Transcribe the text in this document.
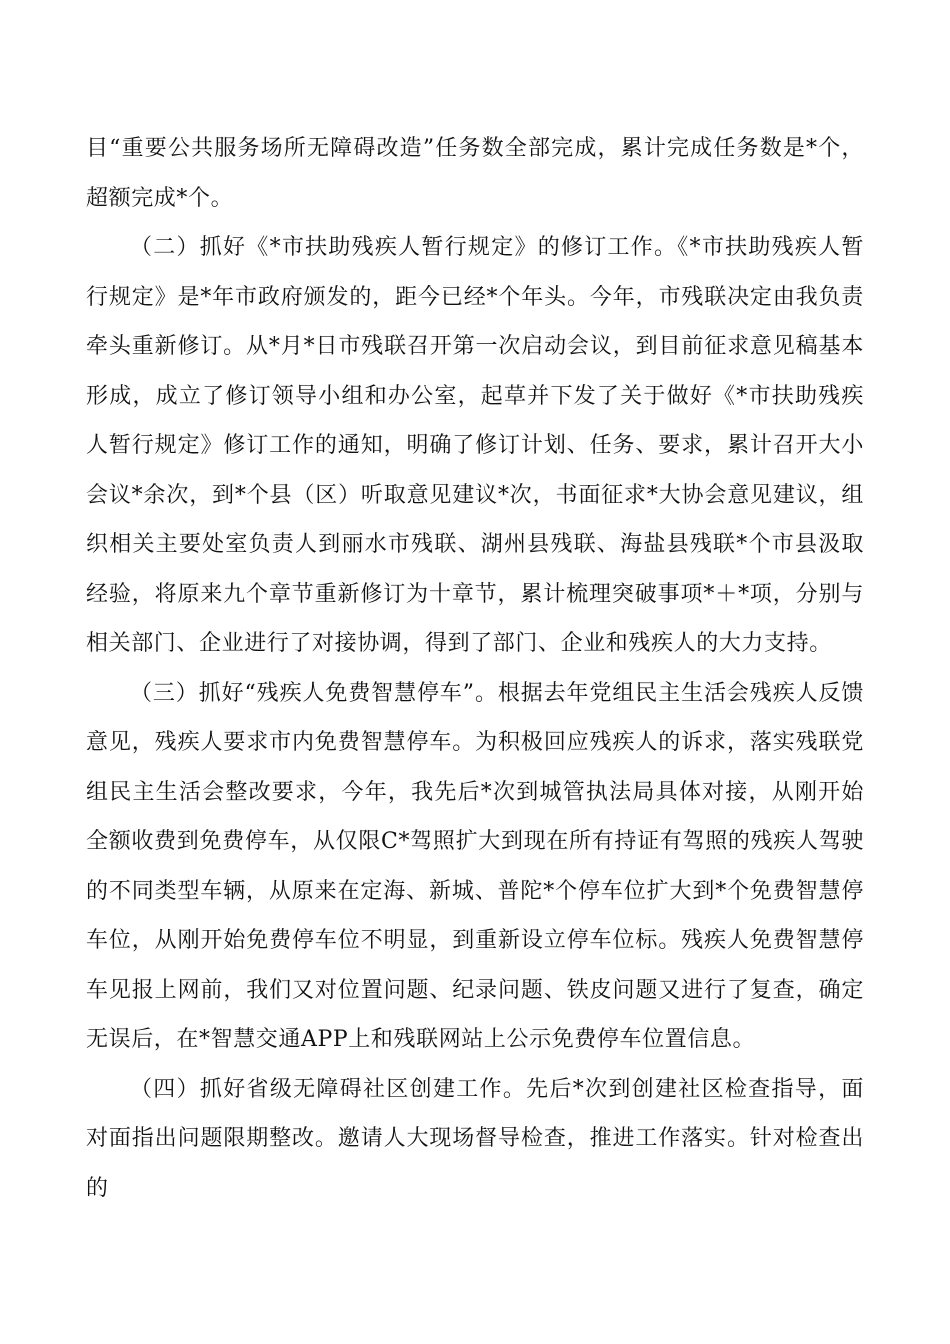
目“重要公共服务场所无障碍改造”任务数全部完成，累计完成任务数是*个，超额完成*个。

（二）抓好《*市扶助残疾人暂行规定》的修订工作。《*市扶助残疾人暂行规定》是*年市政府颁发的，距今已经*个年头。今年，市残联决定由我负责牵头重新修订。从*月*日市残联召开第一次启动会议，到目前征求意见稿基本形成，成立了修订领导小组和办公室，起草并下发了关于做好《*市扶助残疾人暂行规定》修订工作的通知，明确了修订计划、任务、要求，累计召开大小会议*余次，到*个县（区）听取意见建议*次，书面征求*大协会意见建议，组织相关主要处室负责人到丽水市残联、湖州县残联、海盐县残联*个市县汲取经验，将原来九个章节重新修订为十章节，累计梳理突破事项*＋*项，分别与相关部门、企业进行了对接协调，得到了部门、企业和残疾人的大力支持。

（三）抓好“残疾人免费智慧停车”。根据去年党组民主生活会残疾人反馈意见，残疾人要求市内免费智慧停车。为积极回应残疾人的诉求，落实残联党组民主生活会整改要求，今年，我先后*次到城管执法局具体对接，从刚开始全额收费到免费停车，从仅限C*驾照扩大到现在所有持证有驾照的残疾人驾驶的不同类型车辆，从原来在定海、新城、普陀*个停车位扩大到*个免费智慧停车位，从刚开始免费停车位不明显，到重新设立停车位标。残疾人免费智慧停车见报上网前，我们又对位置问题、纪录问题、铁皮问题又进行了复查，确定无误后，在*智慧交通APP上和残联网站上公示免费停车位置信息。

（四）抓好省级无障碍社区创建工作。先后*次到创建社区检查指导，面对面指出问题限期整改。邀请人大现场督导检查，推进工作落实。针对检查出的
